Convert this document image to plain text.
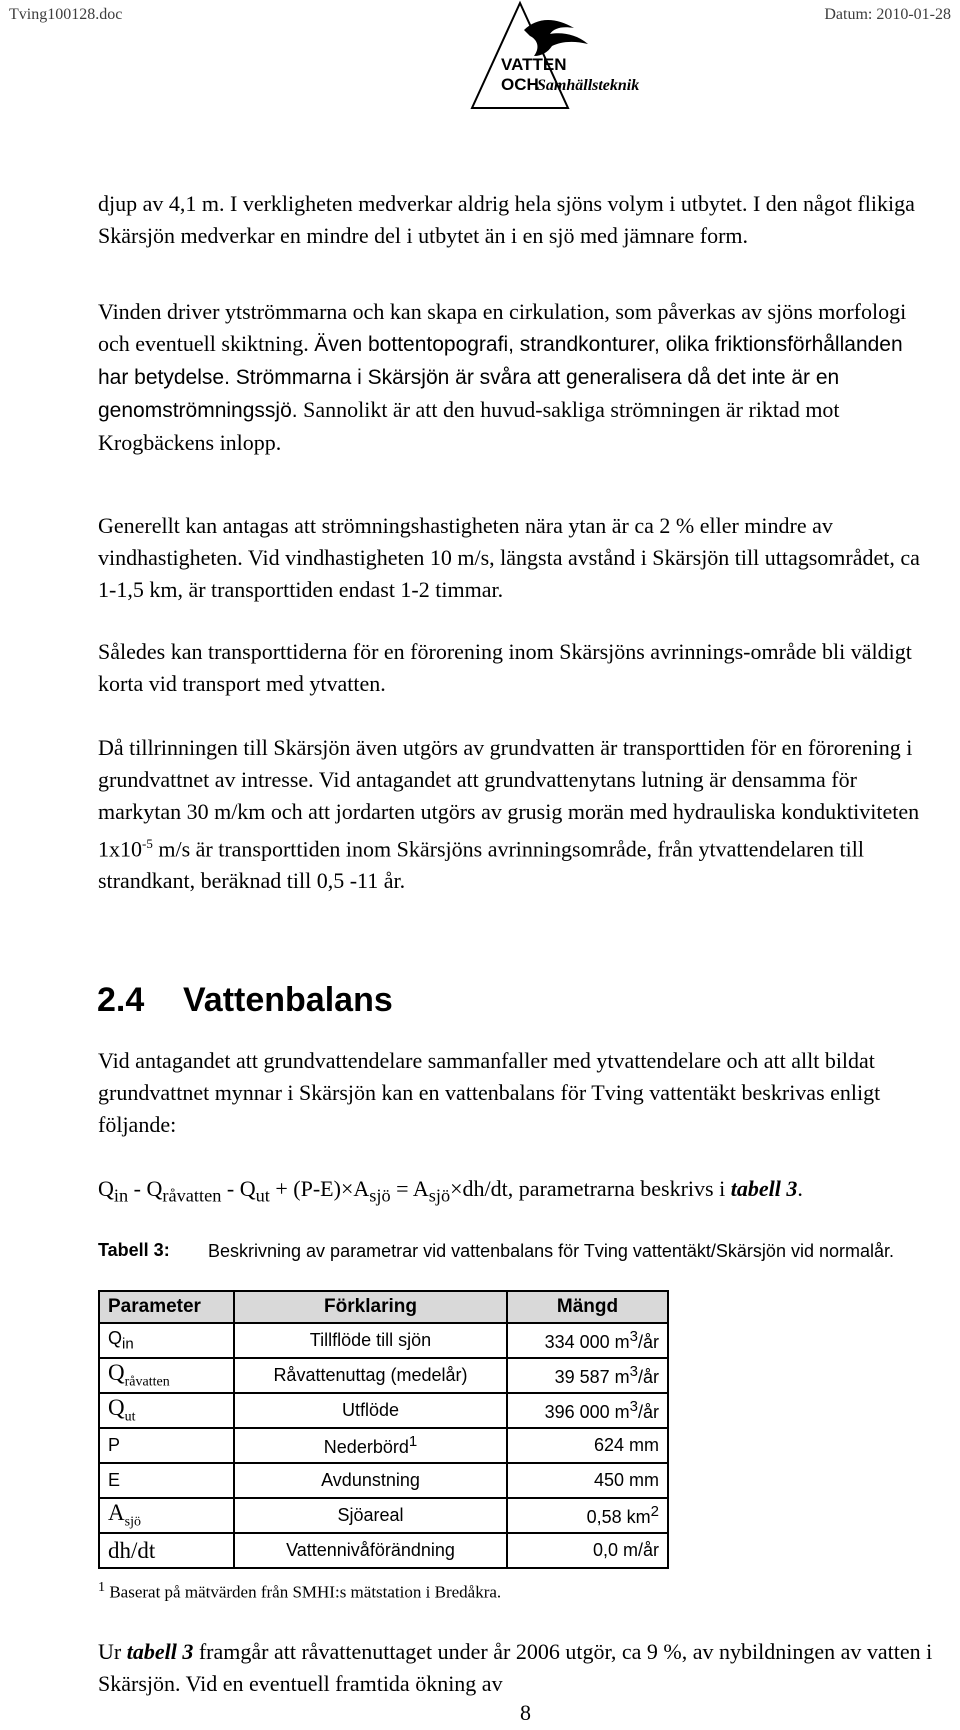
Tving100128.doc	Datum: 2010-01-28
VATTEN
OCH
Samhällsteknik

djup av 4,1 m. I verkligheten medverkar aldrig hela sjöns volym i utbytet. I den något flikiga Skärsjön medverkar en mindre del i utbytet än i en sjö med jämnare form.

Vinden driver ytströmmarna och kan skapa en cirkulation, som påverkas av sjöns morfologi och eventuell skiktning. Även bottentopografi, strandkonturer, olika friktionsförhållanden har betydelse. Strömmarna i Skärsjön är svåra att generalisera då det inte är en genomströmningssjö. Sannolikt är att den huvud-sakliga strömningen är riktad mot Krogbäckens inlopp.

Generellt kan antagas att strömningshastigheten nära ytan är ca 2 % eller mindre av vindhastigheten. Vid vindhastigheten 10 m/s, längsta avstånd i Skärsjön till uttagsområdet, ca 1-1,5 km, är transporttiden endast 1-2 timmar.

Således kan transporttiderna för en förorening inom Skärsjöns avrinnings-område bli väldigt korta vid transport med ytvatten.

Då tillrinningen till Skärsjön även utgörs av grundvatten är transporttiden för en förorening i grundvattnet av intresse. Vid antagandet att grundvattenytans lutning är densamma för markytan 30 m/km och att jordarten utgörs av grusig morän med hydrauliska konduktiviteten $1x10^{-5}$ m/s är transporttiden inom Skärsjöns avrinningsområde, från ytvattendelaren till strandkant, beräknad till 0,5 -11 år.

2.4 Vattenbalans

Vid antagandet att grundvattendelare sammanfaller med ytvattendelare och att allt bildat grundvattnet mynnar i Skärsjön kan en vattenbalans för Tving vattentäkt beskrivas enligt följande:

$Q_{in} - Q_{råvatten} - Q_{ut} + (P-E)\times A_{sjö} = A_{sjö}\times dh/dt$, parametrarna beskrivs i tabell 3.

Tabell 3: Beskrivning av parametrar vid vattenbalans för Tving vattentäkt/Skärsjön vid normalår.
Parameter	Förklaring	Mängd
$Q_{in}$	Tillflöde till sjön	334 000 $m^3/år$
$Q_{råvatten}$	Råvattenuttag (medelår)	39 587 $m^3/år$
$Q_{ut}$	Utflöde	396 000 $m^3/år$
P	Nederbörd$^1$	624 mm
E	Avdunstning	450 mm
$A_{sjö}$	Sjöareal	0,58 $km^2$
dh/dt	Vattennivåförändning	0,0 m/år
$^1$ Baserat på mätvärden från SMHI:s mätstation i Bredåkra.

Ur tabell 3 framgår att råvattenuttaget under år 2006 utgör, ca 9 %, av nybildningen av vatten i Skärsjön. Vid en eventuell framtida ökning av

8
